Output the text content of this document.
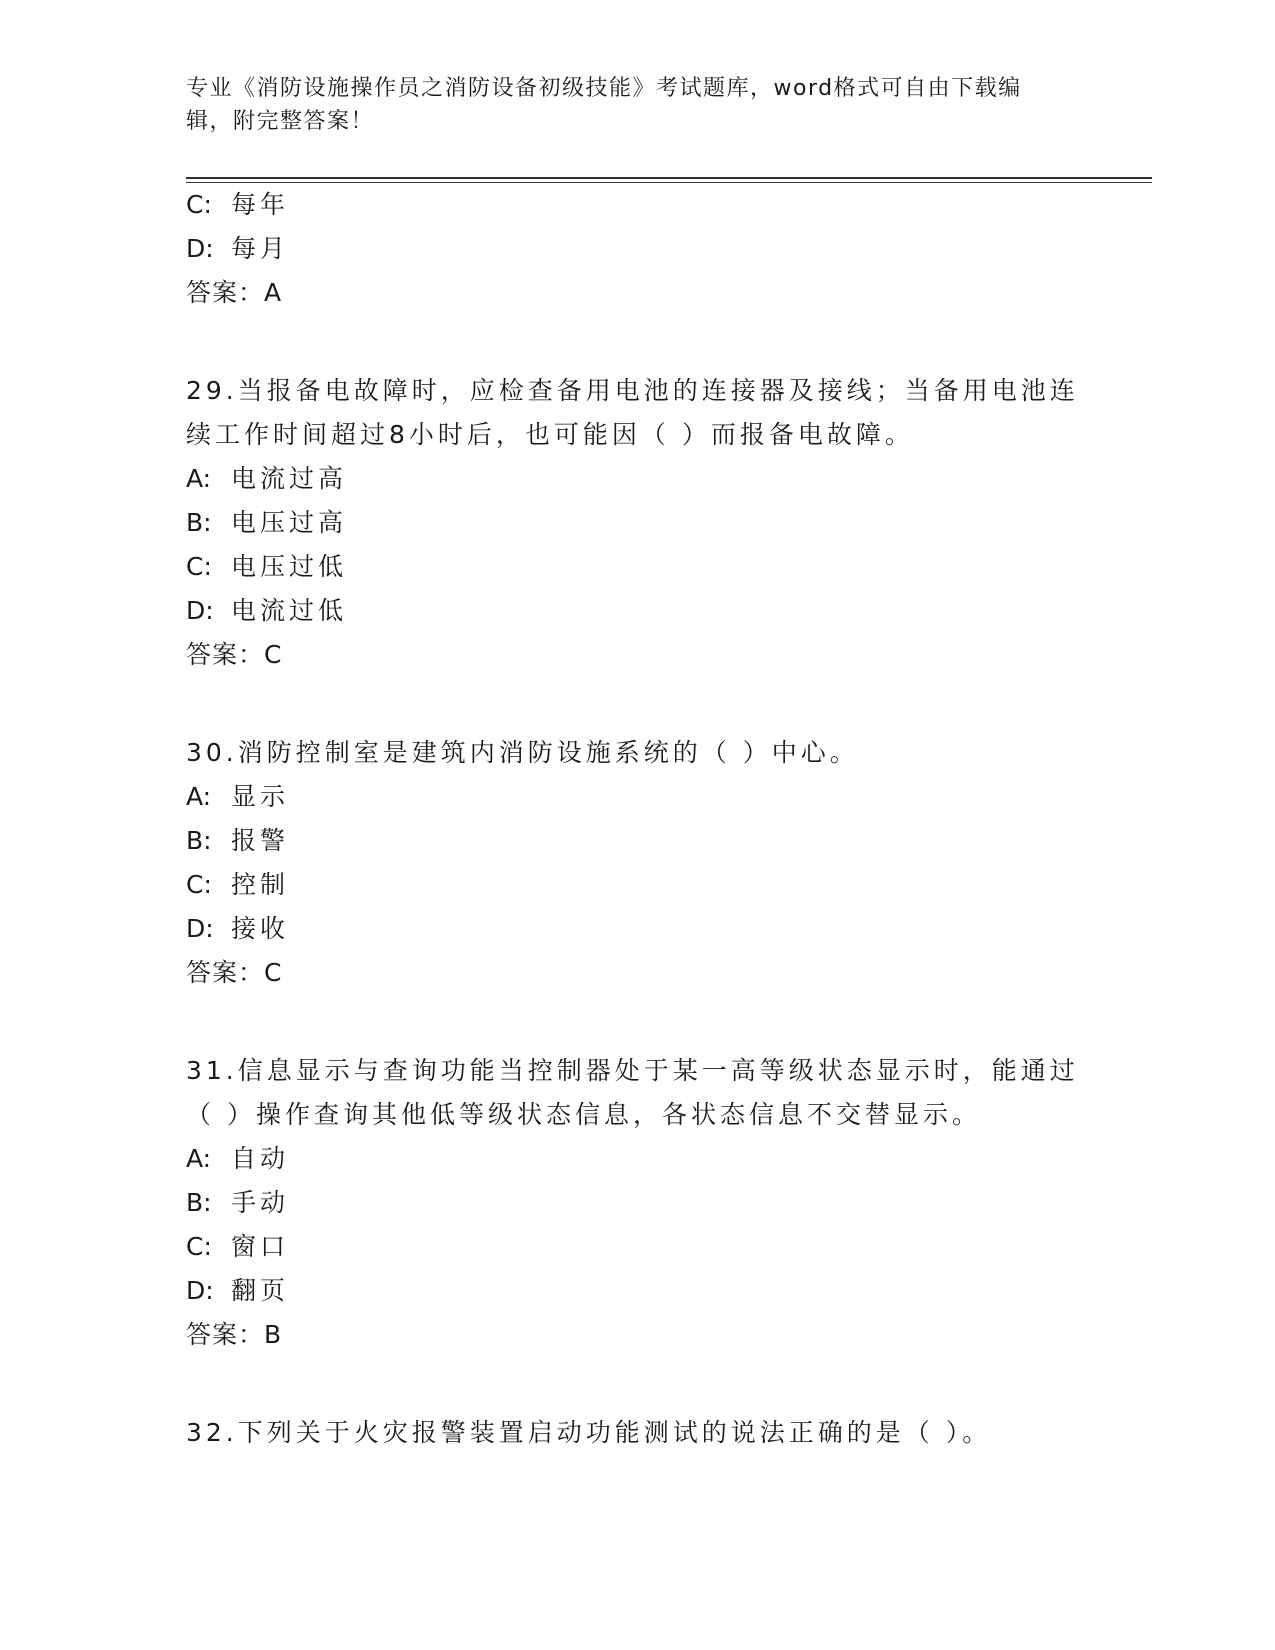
专业《消防设施操作员之消防设备初级技能》考试题库，word格式可自由下载编
辑，附完整答案！
C: 每年
D: 每月
答案：A
29.当报备电故障时，应检查备用电池的连接器及接线；当备用电池连
续工作时间超过8小时后，也可能因（ ）而报备电故障。
A: 电流过高
B: 电压过高
C: 电压过低
D: 电流过低
答案：C
30.消防控制室是建筑内消防设施系统的（ ）中心。
A: 显示
B: 报警
C: 控制
D: 接收
答案：C
31.信息显示与查询功能当控制器处于某一高等级状态显示时，能通过
（ ）操作查询其他低等级状态信息，各状态信息不交替显示。
A: 自动
B: 手动
C: 窗口
D: 翻页
答案：B
32.下列关于火灾报警装置启动功能测试的说法正确的是（ ）。
